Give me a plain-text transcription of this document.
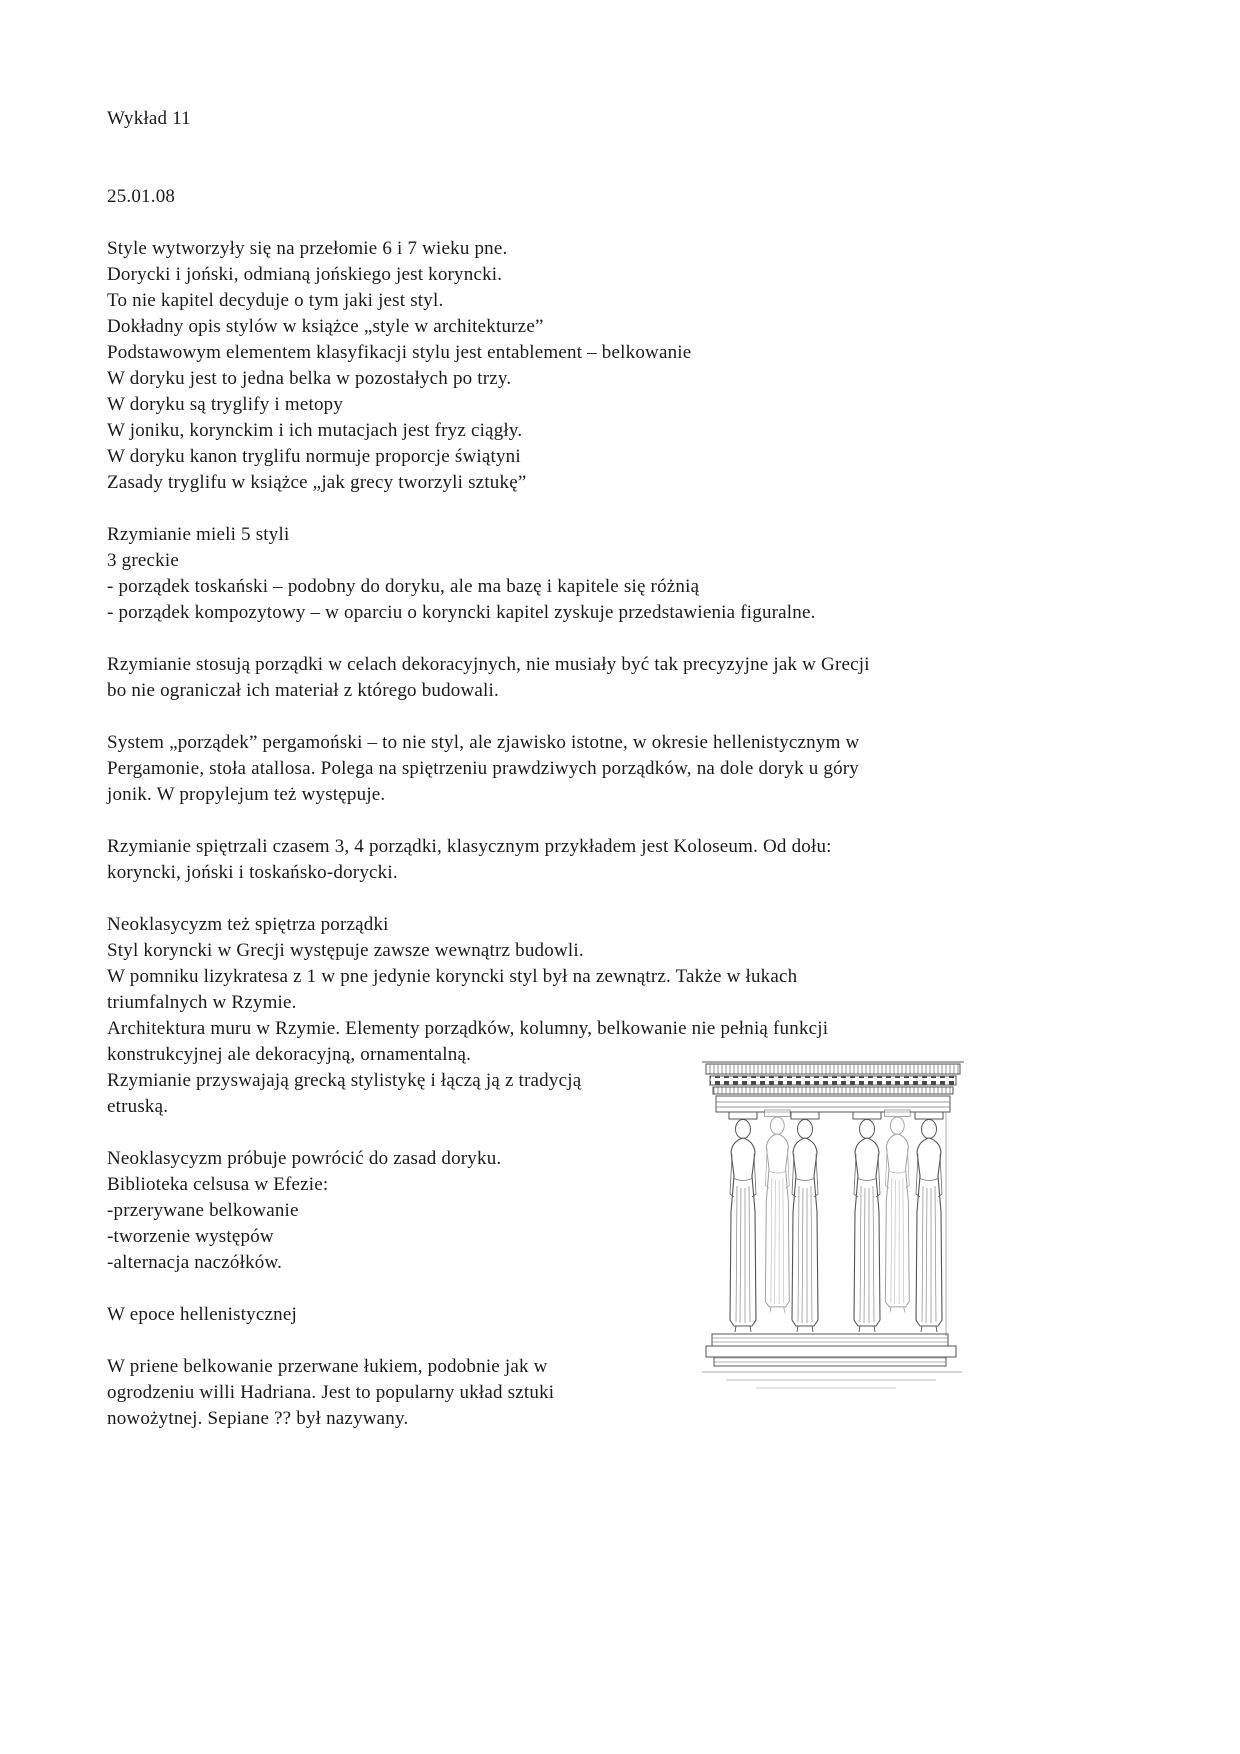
Wykład 11
25.01.08
Style wytworzyły się na przełomie 6 i 7 wieku pne.
Dorycki i joński, odmianą jońskiego jest koryncki.
To nie kapitel decyduje o tym jaki jest styl.
Dokładny opis stylów w książce „style w architekturze”
Podstawowym elementem klasyfikacji stylu jest entablement – belkowanie
W doryku jest to jedna belka w pozostałych po trzy.
W doryku są tryglify i metopy
W joniku, korynckim i ich mutacjach jest fryz ciągły.
W doryku kanon tryglifu normuje proporcje świątyni
Zasady tryglifu w książce „jak grecy tworzyli sztukę”
Rzymianie mieli 5 styli
3 greckie
- porządek toskański – podobny do doryku, ale ma bazę i kapitele się różnią
- porządek kompozytowy – w oparciu o koryncki kapitel zyskuje przedstawienia figuralne.
Rzymianie stosują porządki w celach dekoracyjnych, nie musiały być tak precyzyjne jak w Grecji
bo nie ograniczał ich materiał z którego budowali.
System „porządek” pergamoński – to nie styl, ale zjawisko istotne, w okresie hellenistycznym w
Pergamonie, stoła atallosa. Polega na spiętrzeniu prawdziwych porządków, na dole doryk u góry
jonik. W propylejum też występuje.
Rzymianie spiętrzali czasem 3, 4 porządki, klasycznym przykładem jest Koloseum. Od dołu:
koryncki, joński i toskańsko-dorycki.
Neoklasycyzm też spiętrza porządki
Styl koryncki w Grecji występuje zawsze wewnątrz budowli.
W pomniku lizykratesa z 1 w pne jedynie koryncki styl był na zewnątrz. Także w łukach
triumfalnych w Rzymie.
Architektura muru w Rzymie. Elementy porządków, kolumny, belkowanie nie pełnią funkcji
konstrukcyjnej ale dekoracyjną, ornamentalną.
Rzymianie przyswajają grecką stylistykę i łączą ją z tradycją
etruską.
Neoklasycyzm próbuje powrócić do zasad doryku.
Biblioteka celsusa w Efezie:
-przerywane belkowanie
-tworzenie występów
-alternacja naczółków.
W epoce hellenistycznej
W priene belkowanie przerwane łukiem, podobnie jak w
ogrodzeniu willi Hadriana. Jest to popularny układ sztuki
nowożytnej. Sepiane ?? był nazywany.
